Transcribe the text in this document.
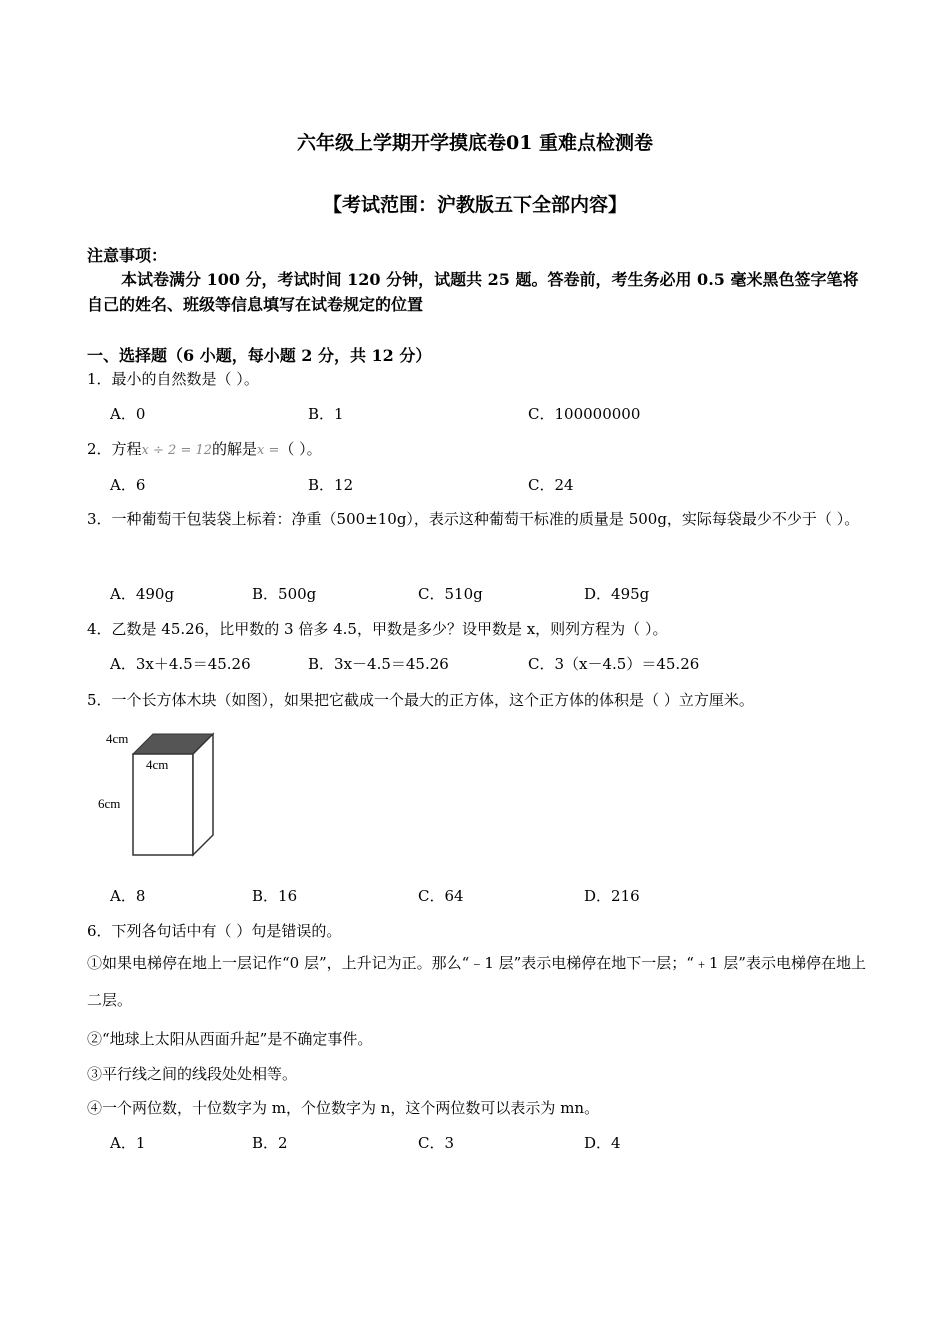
六年级上学期开学摸底卷01 重难点检测卷
【考试范围：沪教版五下全部内容】
注意事项：
本试卷满分 100 分，考试时间 120 分钟，试题共 25 题。答卷前，考生务必用 0.5 毫米黑色签字笔将自己的姓名、班级等信息填写在试卷规定的位置
一、选择题（6 小题，每小题 2 分，共 12 分）
1．最小的自然数是（ ）。
A．0	B．1	C．100000000
2．方程x ÷ 2 = 12的解是x =（ ）。
A．6	B．12	C．24
3．一种葡萄干包装袋上标着：净重（500±10g），表示这种葡萄干标准的质量是 500g，实际每袋最少不少于（ ）。
A．490g	B．500g	C．510g	D．495g
4．乙数是 45.26，比甲数的 3 倍多 4.5，甲数是多少？设甲数是 x，则列方程为（ ）。
A．3x＋4.5＝45.26	B．3x－4.5＝45.26	C．3（x－4.5）＝45.26
5．一个长方体木块（如图），如果把它截成一个最大的正方体，这个正方体的体积是（ ）立方厘米。
4cm
4cm
6cm
A．8	B．16	C．64	D．216
6．下列各句话中有（ ）句是错误的。
①如果电梯停在地上一层记作“0 层”，上升记为正。那么“﹣1 层”表示电梯停在地下一层；“﹢1 层”表示电梯停在地上二层。
②“地球上太阳从西面升起”是不确定事件。
③平行线之间的线段处处相等。
④一个两位数，十位数字为 m，个位数字为 n，这个两位数可以表示为 mn。
A．1	B．2	C．3	D．4
